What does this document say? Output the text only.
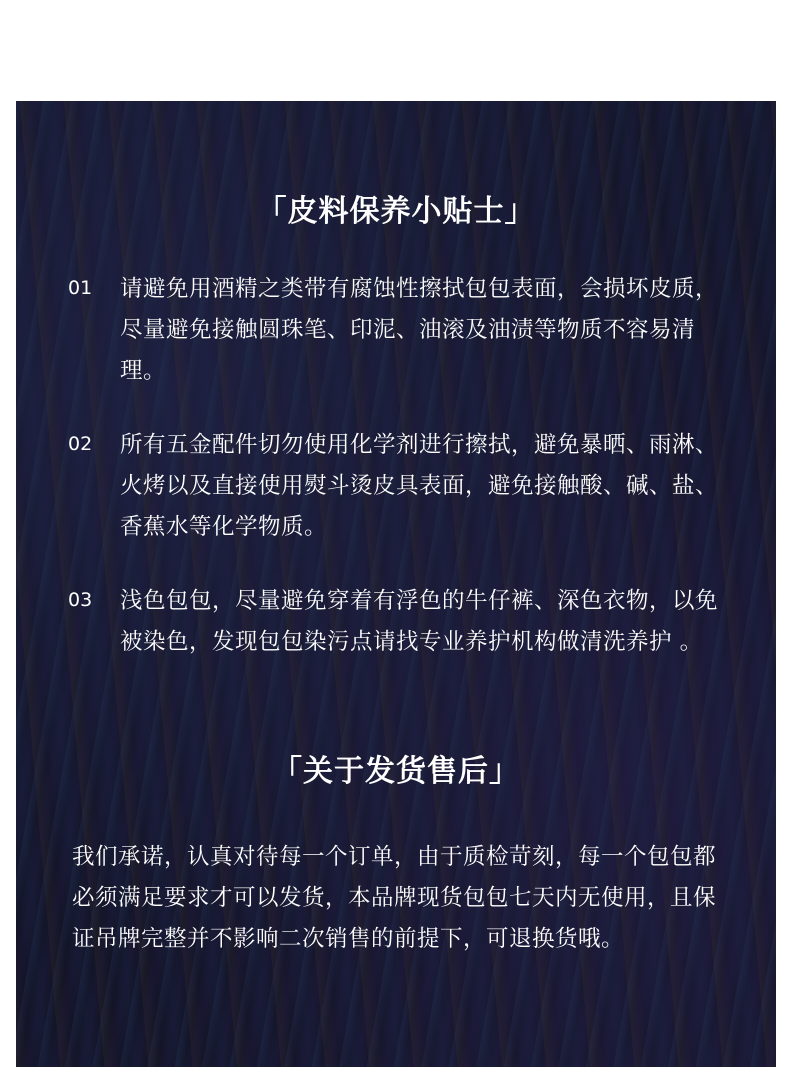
「皮料保养小贴士」
01 请避免用酒精之类带有腐蚀性擦拭包包表面，会损坏皮质，尽量避免接触圆珠笔、印泥、油滚及油渍等物质不容易清理。
02 所有五金配件切勿使用化学剂进行擦拭，避免暴晒、雨淋、火烤以及直接使用熨斗烫皮具表面，避免接触酸、碱、盐、香蕉水等化学物质。
03 浅色包包，尽量避免穿着有浮色的牛仔裤、深色衣物，以免被染色，发现包包染污点请找专业养护机构做清洗养护 。
「关于发货售后」
我们承诺，认真对待每一个订单，由于质检苛刻，每一个包包都必须满足要求才可以发货，本品牌现货包包七天内无使用，且保证吊牌完整并不影响二次销售的前提下，可退换货哦。
